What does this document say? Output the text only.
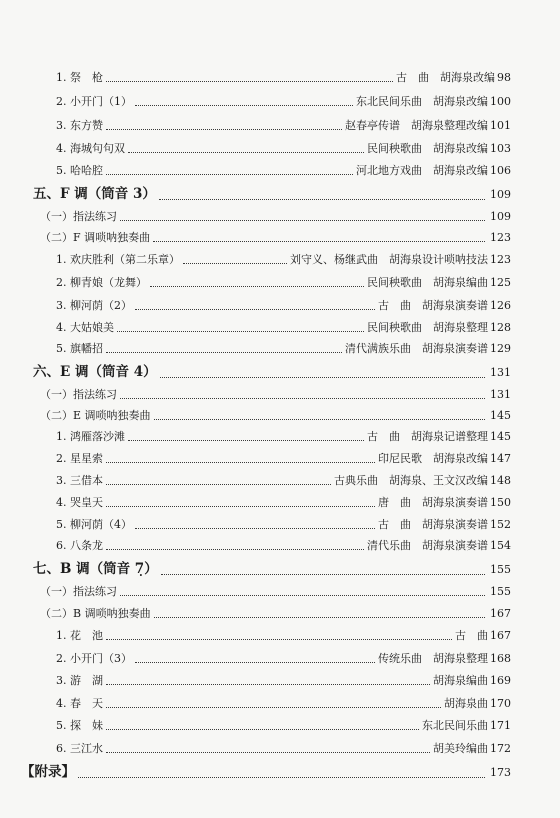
1. 祭　枪	古　曲　胡海泉改编 98
2. 小开门（1）	东北民间乐曲　胡海泉改编 100
3. 东方赞	赵春亭传谱　胡海泉整理改编 101
4. 海城句句双	民间秧歌曲　胡海泉改编 103
5. 哈哈腔	河北地方戏曲　胡海泉改编 106
五、F 调（筒音 3）	109
（一）指法练习	109
（二）F 调唢呐独奏曲	123
1. 欢庆胜利（第二乐章）	刘守义、杨继武曲　胡海泉设计唢呐技法 123
2. 柳青娘（龙舞）	民间秧歌曲　胡海泉编曲 125
3. 柳河荫（2）	古　曲　胡海泉演奏谱 126
4. 大姑娘美	民间秧歌曲　胡海泉整理 128
5. 旗幡招	清代满族乐曲　胡海泉演奏谱 129
六、E 调（筒音 4）	131
（一）指法练习	131
（二）E 调唢呐独奏曲	145
1. 鸿雁落沙滩	古　曲　胡海泉记谱整理 145
2. 星星索	印尼民歌　胡海泉改编 147
3. 三借本	古典乐曲　胡海泉、王文汉改编 148
4. 哭皇天	唐　曲　胡海泉演奏谱 150
5. 柳河荫（4）	古　曲　胡海泉演奏谱 152
6. 八条龙	清代乐曲　胡海泉演奏谱 154
七、B 调（筒音 7̣）	155
（一）指法练习	155
（二）B 调唢呐独奏曲	167
1. 花　池	古　曲 167
2. 小开门（3）	传统乐曲　胡海泉整理 168
3. 游　湖	胡海泉编曲 169
4. 春　天	胡海泉曲 170
5. 探　妹	东北民间乐曲 171
6. 三江水	胡美玲编曲 172
【附录】	173
